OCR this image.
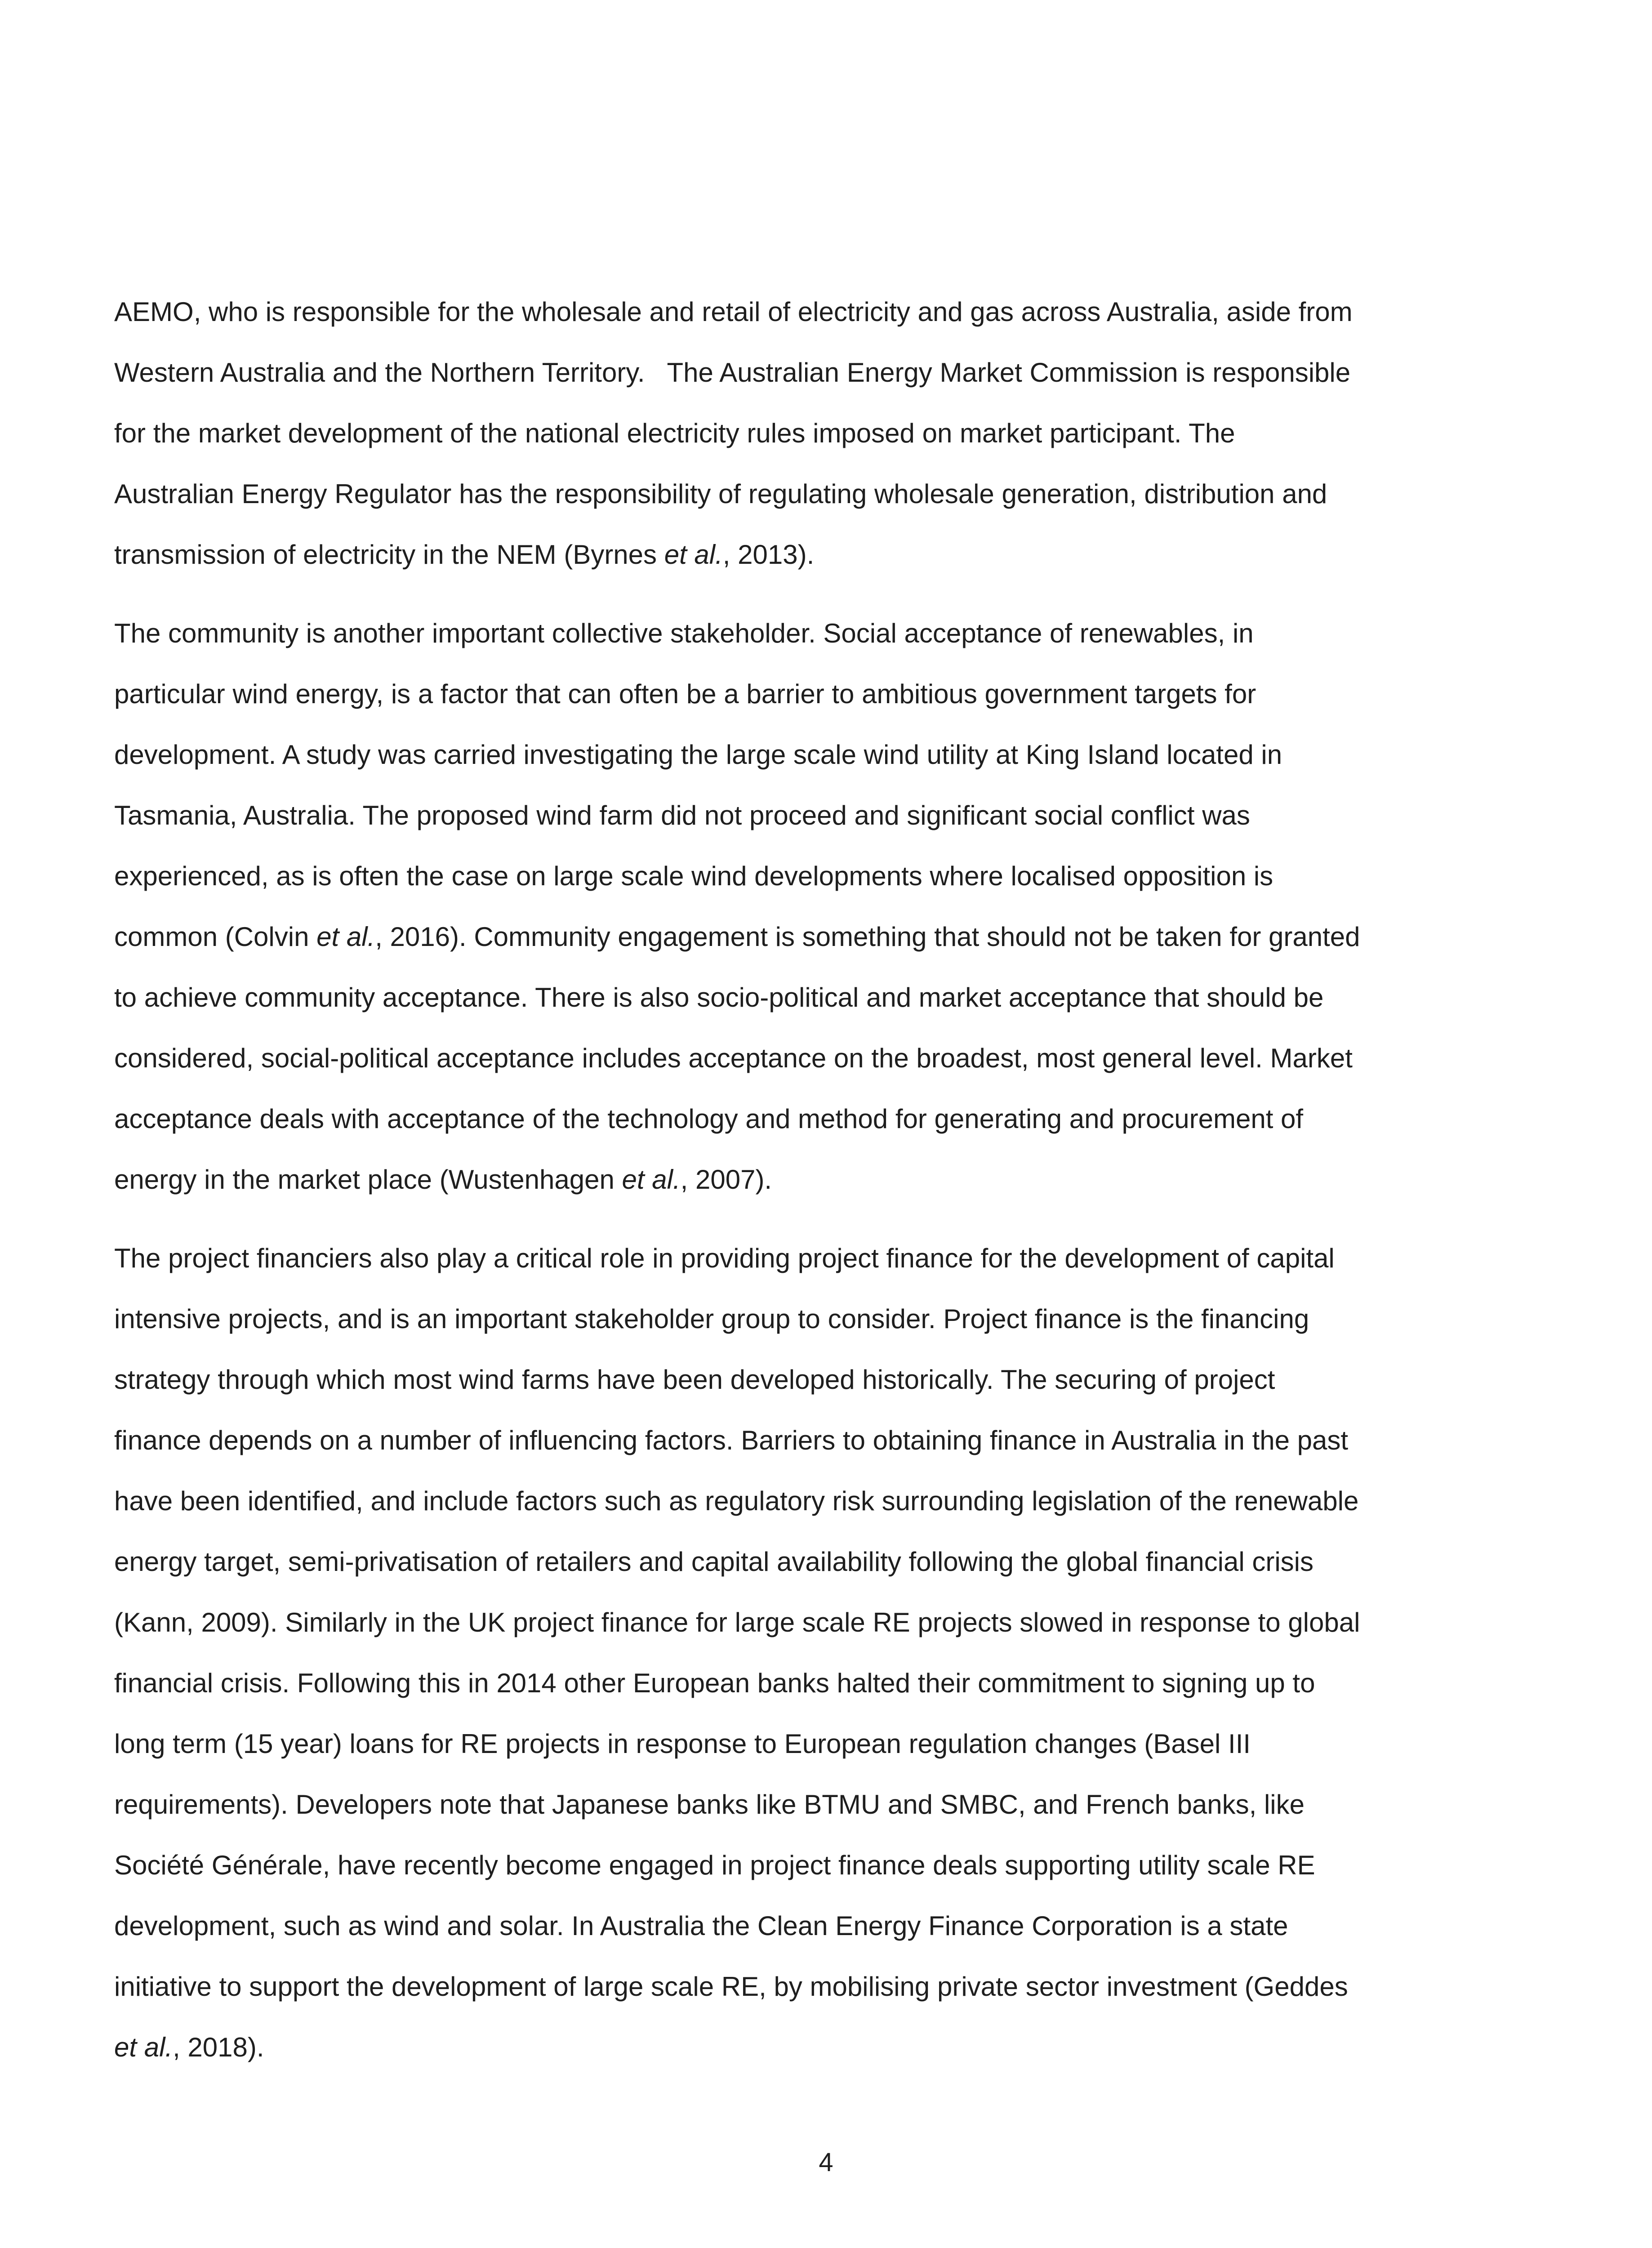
AEMO, who is responsible for the wholesale and retail of electricity and gas across Australia, aside from
Western Australia and the Northern Territory.   The Australian Energy Market Commission is responsible
for the market development of the national electricity rules imposed on market participant. The
Australian Energy Regulator has the responsibility of regulating wholesale generation, distribution and
transmission of electricity in the NEM (Byrnes et al., 2013).
The community is another important collective stakeholder. Social acceptance of renewables, in
particular wind energy, is a factor that can often be a barrier to ambitious government targets for
development. A study was carried investigating the large scale wind utility at King Island located in
Tasmania, Australia. The proposed wind farm did not proceed and significant social conflict was
experienced, as is often the case on large scale wind developments where localised opposition is
common (Colvin et al., 2016). Community engagement is something that should not be taken for granted
to achieve community acceptance. There is also socio-political and market acceptance that should be
considered, social-political acceptance includes acceptance on the broadest, most general level. Market
acceptance deals with acceptance of the technology and method for generating and procurement of
energy in the market place (Wustenhagen et al., 2007).
The project financiers also play a critical role in providing project finance for the development of capital
intensive projects, and is an important stakeholder group to consider. Project finance is the financing
strategy through which most wind farms have been developed historically. The securing of project
finance depends on a number of influencing factors. Barriers to obtaining finance in Australia in the past
have been identified, and include factors such as regulatory risk surrounding legislation of the renewable
energy target, semi-privatisation of retailers and capital availability following the global financial crisis
(Kann, 2009). Similarly in the UK project finance for large scale RE projects slowed in response to global
financial crisis. Following this in 2014 other European banks halted their commitment to signing up to
long term (15 year) loans for RE projects in response to European regulation changes (Basel III
requirements). Developers note that Japanese banks like BTMU and SMBC, and French banks, like
Société Générale, have recently become engaged in project finance deals supporting utility scale RE
development, such as wind and solar. In Australia the Clean Energy Finance Corporation is a state
initiative to support the development of large scale RE, by mobilising private sector investment (Geddes
et al., 2018).
4
